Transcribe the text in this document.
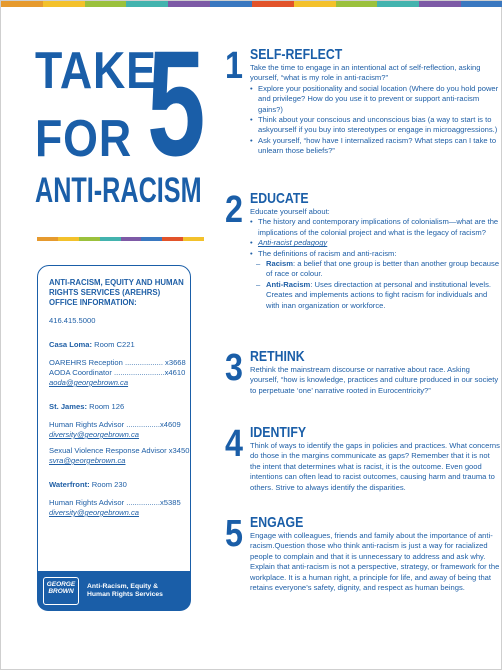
TAKE
FOR 5
ANTI-RACISM
ANTI-RACISM, EQUITY AND HUMAN RIGHTS SERVICES (AREHRS) OFFICE INFORMATION:
416.415.5000
Casa Loma: Room C221
OAREHRS Reception .................. x3668
AODA Coordinator ........................x4610
aoda@georgebrown.ca
St. James: Room 126
Human Rights Advisor ................x4609
diversity@georgebrown.ca
Sexual Violence Response Advisor x3450
svra@georgebrown.ca
Waterfront: Room 230
Human Rights Advisor ................x5385
diversity@georgebrown.ca
GEORGE BROWN
Anti-Racism, Equity &
Human Rights Services
1 SELF-REFLECT

Take the time to engage in an intentional act of self-reflection, asking yourself, “what is my role in anti-racism?”

• Explore your positionality and social location (Where do you hold power and privilege? How do you use it to prevent or support anti-racism gains?)
• Think about your conscious and unconscious bias (a way to start is to askyourself if you buy into stereotypes or engage in microaggressions.)
• Ask yourself, “how have I internalized racism? What steps can I take to unlearn those beliefs?”
2 EDUCATE

Educate yourself about:

• The history and contemporary implications of colonialism—what are the implications of the colonial project and what is the legacy of racism?
• Anti-racist pedagogy
• The definitions of racism and anti-racism:
– Racism: a belief that one group is better than another group because of race or colour.
– Anti-Racism: Uses directaction at personal and institutional levels. Creates and implements actions to fight racism for individuals and with inan organization or workforce.
3 RETHINK
Rethink the mainstream discourse or narrative about race. Asking yourself, “how is knowledge, practices and culture produced in our society to perpetuate ‘one’ narrative rooted in Eurocentricity?”
4 IDENTIFY
Think of ways to identify the gaps in policies and practices. What concerns do those in the margins communicate as gaps? Remember that it is not the intent that determines what is racist, it is the outcome. Even good intentions can often lead to racist outcomes, causing harm and trauma to others. Strive to always identify the disparities.
5 ENGAGE
Engage with colleagues, friends and family about the importance of anti-racism.Question those who think anti-racism is just a way for racialized people to complain and that it is unnecessary to address and ask why. Explain that anti-racism is not a perspective, strategy, or framework for the workplace. It is a human right, a principle for life, and away of being that retains everyone’s safety, dignity, and respect as human beings.
